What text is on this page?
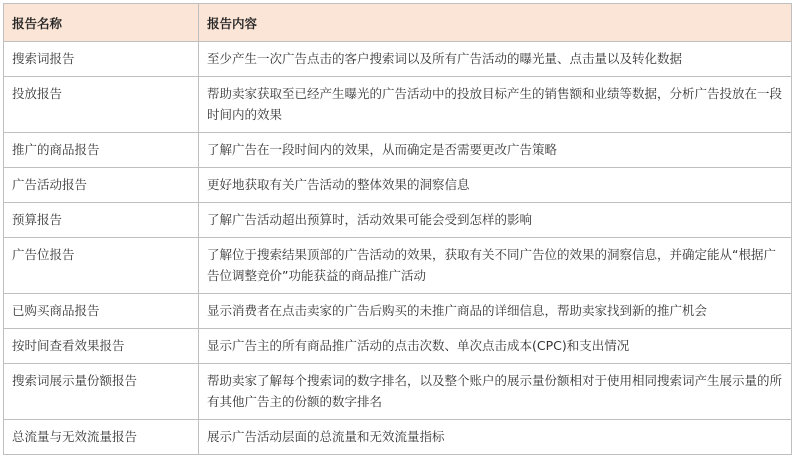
报告名称	报告内容
搜索词报告	至少产生一次广告点击的客户搜索词以及所有广告活动的曝光量、点击量以及转化数据
投放报告	帮助卖家获取至已经产生曝光的广告活动中的投放目标产生的销售额和业绩等数据，分析广告投放在一段时间内的效果
推广的商品报告	了解广告在一段时间内的效果，从而确定是否需要更改广告策略
广告活动报告	更好地获取有关广告活动的整体效果的洞察信息
预算报告	了解广告活动超出预算时，活动效果可能会受到怎样的影响
广告位报告	了解位于搜索结果顶部的广告活动的效果，获取有关不同广告位的效果的洞察信息，并确定能从“根据广告位调整竞价”功能获益的商品推广活动
已购买商品报告	显示消费者在点击卖家的广告后购买的未推广商品的详细信息，帮助卖家找到新的推广机会
按时间查看效果报告	显示广告主的所有商品推广活动的点击次数、单次点击成本(CPC)和支出情况
搜索词展示量份额报告	帮助卖家了解每个搜索词的数字排名，以及整个账户的展示量份额相对于使用相同搜索词产生展示量的所有其他广告主的份额的数字排名
总流量与无效流量报告	展示广告活动层面的总流量和无效流量指标
